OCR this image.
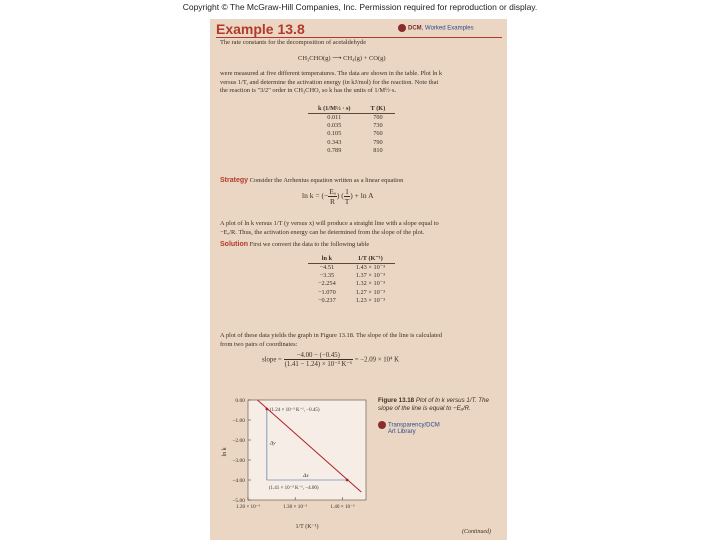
Copyright © The McGraw-Hill Companies, Inc. Permission required for reproduction or display.
Example 13.8	DCM, Worked Examples
The rate constants for the decomposition of acetaldehyde
CH₃CHO(g) ⟶ CH₄(g) + CO(g)
were measured at five different temperatures. The data are shown in the table. Plot ln k
versus 1/T, and determine the activation energy (in kJ/mol) for the reaction. Note that
the reaction is "3/2" order in CH₃CHO, so k has the units of 1/M½·s.
k (1/M½ · s)	T (K)
0.011	700
0.035	730
0.105	760
0.343	790
0.789	810
Strategy Consider the Arrhenius equation written as a linear equation
ln k = (− $\frac{\text{Eₐ}}{R}$ ) ( $\frac{1}{T}$ ) + ln A
A plot of ln k versus 1/T (y versus x) will produce a straight line with a slope equal to
−Eₐ/R. Thus, the activation energy can be determined from the slope of the plot.
Solution First we convert the data to the following table
ln k	1/T (K⁻¹)
−4.51	1.43 × 10⁻³
−3.35	1.37 × 10⁻³
−2.254	1.32 × 10⁻³
−1.070	1.27 × 10⁻³
−0.237	1.23 × 10⁻³
A plot of these data yields the graph in Figure 13.18. The slope of the line is calculated
from two pairs of coordinates:
slope = $\frac{-4.00 - (-0.45)}{\text{(1.41 − 1.24) × 10⁻³ K⁻¹}} = -2.09 \times 10^4$ K
0.00
−1.00
−2.00
−3.00
−4.00
−5.00
1.20 × 10⁻³	1.30 × 10⁻³	1.40 × 10⁻³
(1.24 × 10⁻³ K⁻¹, −0.45)
(1.41 × 10⁻³ K⁻¹, −4.00)
Δy
Δx
ln k
1/T (K⁻¹)
Figure 13.18 Plot of ln k versus 1/T. The slope of the line is equal to −Eₐ/R.
Transparency/DCM
Art Library
(Continued)
